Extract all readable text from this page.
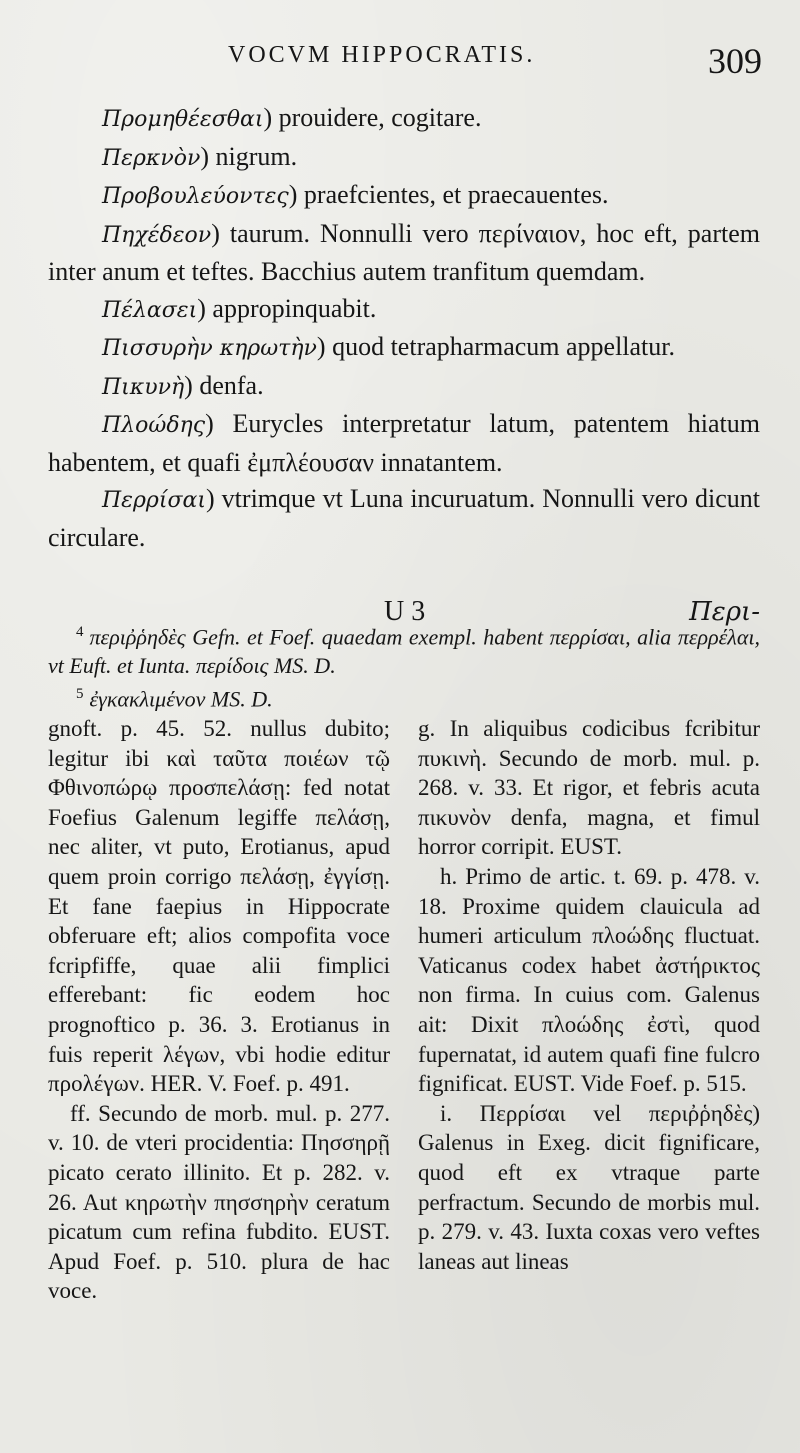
VOCVM HIPPOCRATIS.	309

Προμηθέεσθαι) prouidere, cogitare.

Περκνὸν) nigrum.

Προβουλεύοντες) praefcientes, et praecauentes.

Πηχέδεον) taurum. Nonnulli vero περίναιον, hoc eft, partem inter anum et teftes. Bacchius autem tranfitum quemdam.

Πέλασει) appropinquabit.

Πισσυρὴν κηρωτὴν) quod tetrapharmacum appellatur.

Πικυνὴ) denfa.

Πλοώδης) Eurycles interpretatur latum, patentem hiatum habentem, et quafi ἐμπλέουσαν innatantem.

Περρίσαι) vtrimque vt Luna incuruatum. Nonnulli vero dicunt circulare.

U 3	Περι-

$^4$ περιῤῥηδὲς Gefn. et Foef. quaedam exempl. habent περρίσαι, alia περρέλαι, vt Euft. et Iunta. περίδοις MS. D.

$^5$ ἐγκακλιμένον MS. D.

gnoft. p. 45. 52. nullus dubito; legitur ibi καὶ ταῦτα ποιέων τῷ Φθινοπώρῳ προσπελάσῃ: fed notat Foefius Galenum legiffe πελάσῃ, nec aliter, vt puto, Erotianus, apud quem proin corrigo πελάσῃ, ἐγγίσῃ. Et fane faepius in Hippocrate obferuare eft; alios compofita voce fcripfiffe, quae alii fimplici efferebant: fic eodem hoc prognoftico p. 36. 3. Erotianus in fuis reperit λέγων, vbi hodie editur προλέγων. HER. V. Foef. p. 491.

ff. Secundo de morb. mul. p. 277. v. 10. de vteri procidentia: Πησσηρῇ picato cerato illinito. Et p. 282. v. 26. Aut κηρωτὴν πησσηρὴν ceratum picatum cum refina fubdito. EUST. Apud Foef. p. 510. plura de hac voce.

g. In aliquibus codicibus fcribitur πυκινὴ. Secundo de morb. mul. p. 268. v. 33. Et rigor, et febris acuta πικυνὸν denfa, magna, et fimul horror corripit. EUST.

h. Primo de artic. t. 69. p. 478. v. 18. Proxime quidem clauicula ad humeri articulum πλοώδης fluctuat. Vaticanus codex habet ἀστήρικτος non firma. In cuius com. Galenus ait: Dixit πλοώδης ἐστὶ, quod fupernatat, id autem quafi fine fulcro fignificat. EUST. Vide Foef. p. 515.

i. Περρίσαι vel περιῤῥηδὲς) Galenus in Exeg. dicit fignificare, quod eft ex vtraque parte perfractum. Secundo de morbis mul. p. 279. v. 43. Iuxta coxas vero veftes laneas aut lineas
